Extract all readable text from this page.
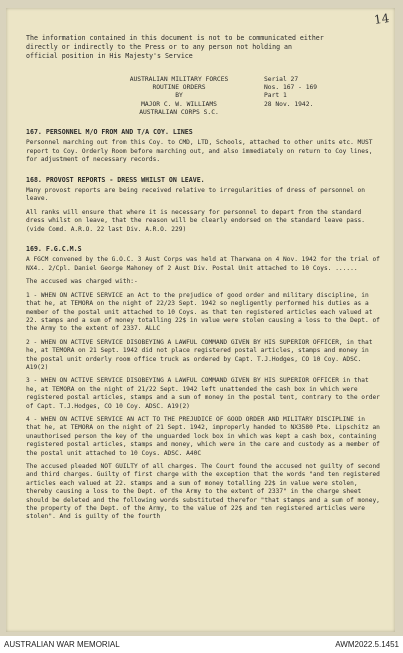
14
The information contained in this document is not to be communicated either directly or indirectly to the Press or to any person not holding an official position in His Majesty's Service
AUSTRALIAN MILITARY FORCES
ROUTINE ORDERS
BY
MAJOR C. W. WILLIAMS
AUSTRALIAN CORPS S.C.
Serial 27
Nos. 167 - 169
Part 1
28 Nov. 1942.
167. PERSONNEL M/O FROM AND T/A COY. LINES

Personnel marching out from this Coy. to CMD, LTD, Schools, attached to other units etc. MUST report to Coy. Orderly Room before marching out, and also immediately on return to Coy lines, for adjustment of necessary records.

168. PROVOST REPORTS - DRESS WHILST ON LEAVE.

Many provost reports are being received relative to irregularities of dress of personnel on leave.

All ranks will ensure that where it is necessary for personnel to depart from the standard dress whilst on leave, that the reason will be clearly endorsed on the standard leave pass.
(vide Comd. A.R.O. 22 last Div. A.R.O. 229)

169. F.G.C.M.S

A FGCM convened by the G.O.C. 3 Aust Corps was held at Tharwana on 4 Nov. 1942 for the trial of NX4.. 2/Cpl. Daniel George Mahoney of 2 Aust Div. Postal Unit attached to 10 Coys. ......

The accused was charged with:-

1 - WHEN ON ACTIVE SERVICE an Act to the prejudice of good order and military discipline, in that he, at TEMORA on the night of 22/23 Sept. 1942 so negligently performed his duties as a member of the postal unit attached to 10 Coys. as that ten registered articles each valued at 22. stamps and a sum of money totalling 22$ in value were stolen causing a loss to the Dept. of the Army to the extent of 2337. ALLC

2 - WHEN ON ACTIVE SERVICE DISOBEYING A LAWFUL COMMAND GIVEN BY HIS SUPERIOR OFFICER, in that he, at TEMORA on 21 Sept. 1942 did not place registered postal articles, stamps and money in the postal unit orderly room office truck as ordered by Capt. T.J.Hodges, CO 10 Coy. ADSC. A19(2)

3 - WHEN ON ACTIVE SERVICE DISOBEYING A LAWFUL COMMAND GIVEN BY HIS SUPERIOR OFFICER in that he, at TEMORA on the night of 21/22 Sept. 1942 left unattended the cash box in which were registered postal articles, stamps and a sum of money in the postal tent, contrary to the order of Capt. T.J.Hodges, CO 10 Coy. ADSC. A19(2)

4 - WHEN ON ACTIVE SERVICE AN ACT TO THE PREJUDICE OF GOOD ORDER AND MILITARY DISCIPLINE in that he, at TEMORA on the night of 21 Sept. 1942, improperly handed to NX3580 Pte. Lipschitz an unauthorised person the key of the unguarded lock box in which was kept a cash box, containing registered postal articles, stamps and money, which were in the care and custody as a member of the postal unit attached to 10 Coys. ADSC. A40C

The accused pleaded NOT GUILTY of all charges. The Court found the accused not guilty of second and third charges. Guilty of first charge with the exception that the words "and ten registered articles each valued at 22. stamps and a sum of money totalling 22$ in value were stolen, thereby causing a loss to the Dept. of the Army to the extent of 2337" in the charge sheet should be deleted and the following words substituted therefor "that stamps and a sum of money, the property of the Dept. of the Army, to the value of 22$ and ten registered articles were stolen". And is guilty of the fourth

AUSTRALIAN WAR MEMORIAL	AWM2022.5.1451
